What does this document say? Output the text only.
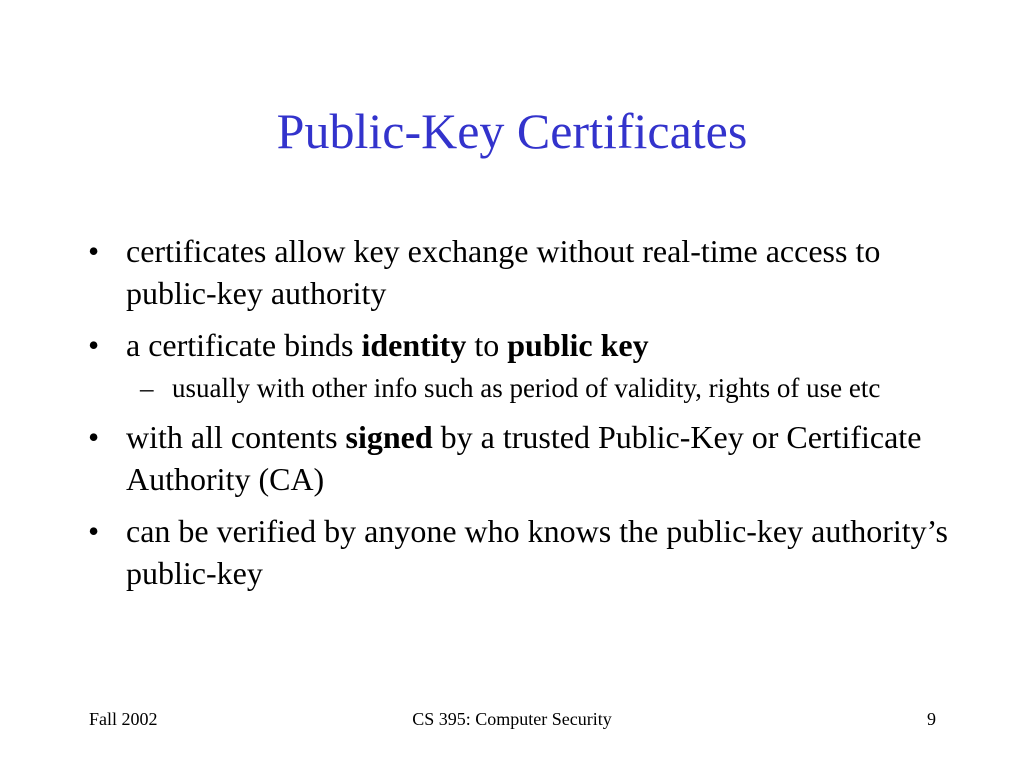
Public-Key Certificates
• certificates allow key exchange without real-time access to public-key authority
• a certificate binds identity to public key
– usually with other info such as period of validity, rights of use etc
• with all contents signed by a trusted Public-Key or Certificate Authority (CA)
• can be verified by anyone who knows the public-key authority’s public-key
Fall 2002	CS 395: Computer Security	9
